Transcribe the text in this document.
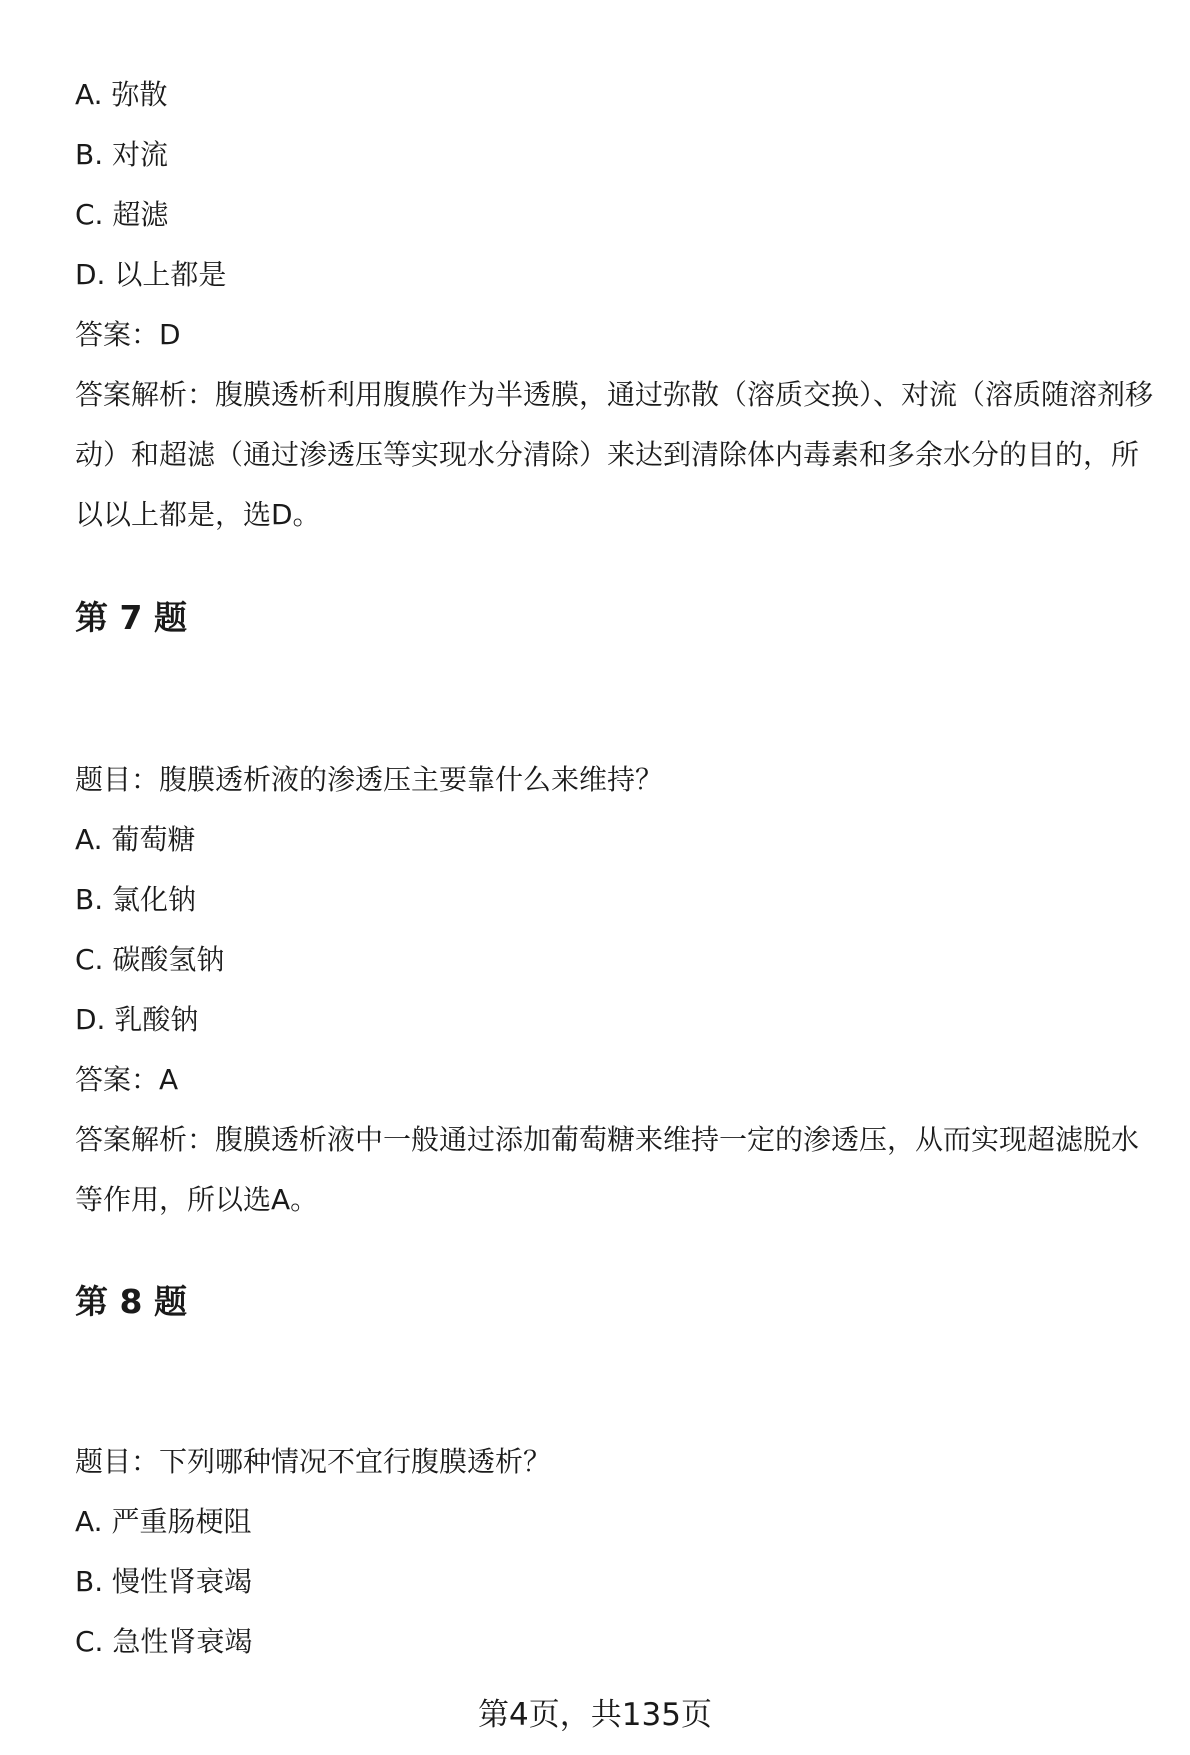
A. 弥散
B. 对流
C. 超滤
D. 以上都是
答案：D
答案解析：腹膜透析利用腹膜作为半透膜，通过弥散（溶质交换）、对流（溶质随溶剂移动）和超滤（通过渗透压等实现水分清除）来达到清除体内毒素和多余水分的目的，所以以上都是，选D。
第 7 题
题目：腹膜透析液的渗透压主要靠什么来维持？
A. 葡萄糖
B. 氯化钠
C. 碳酸氢钠
D. 乳酸钠
答案：A
答案解析：腹膜透析液中一般通过添加葡萄糖来维持一定的渗透压，从而实现超滤脱水等作用，所以选A。
第 8 题
题目：下列哪种情况不宜行腹膜透析？
A. 严重肠梗阻
B. 慢性肾衰竭
C. 急性肾衰竭
第4页，共135页
